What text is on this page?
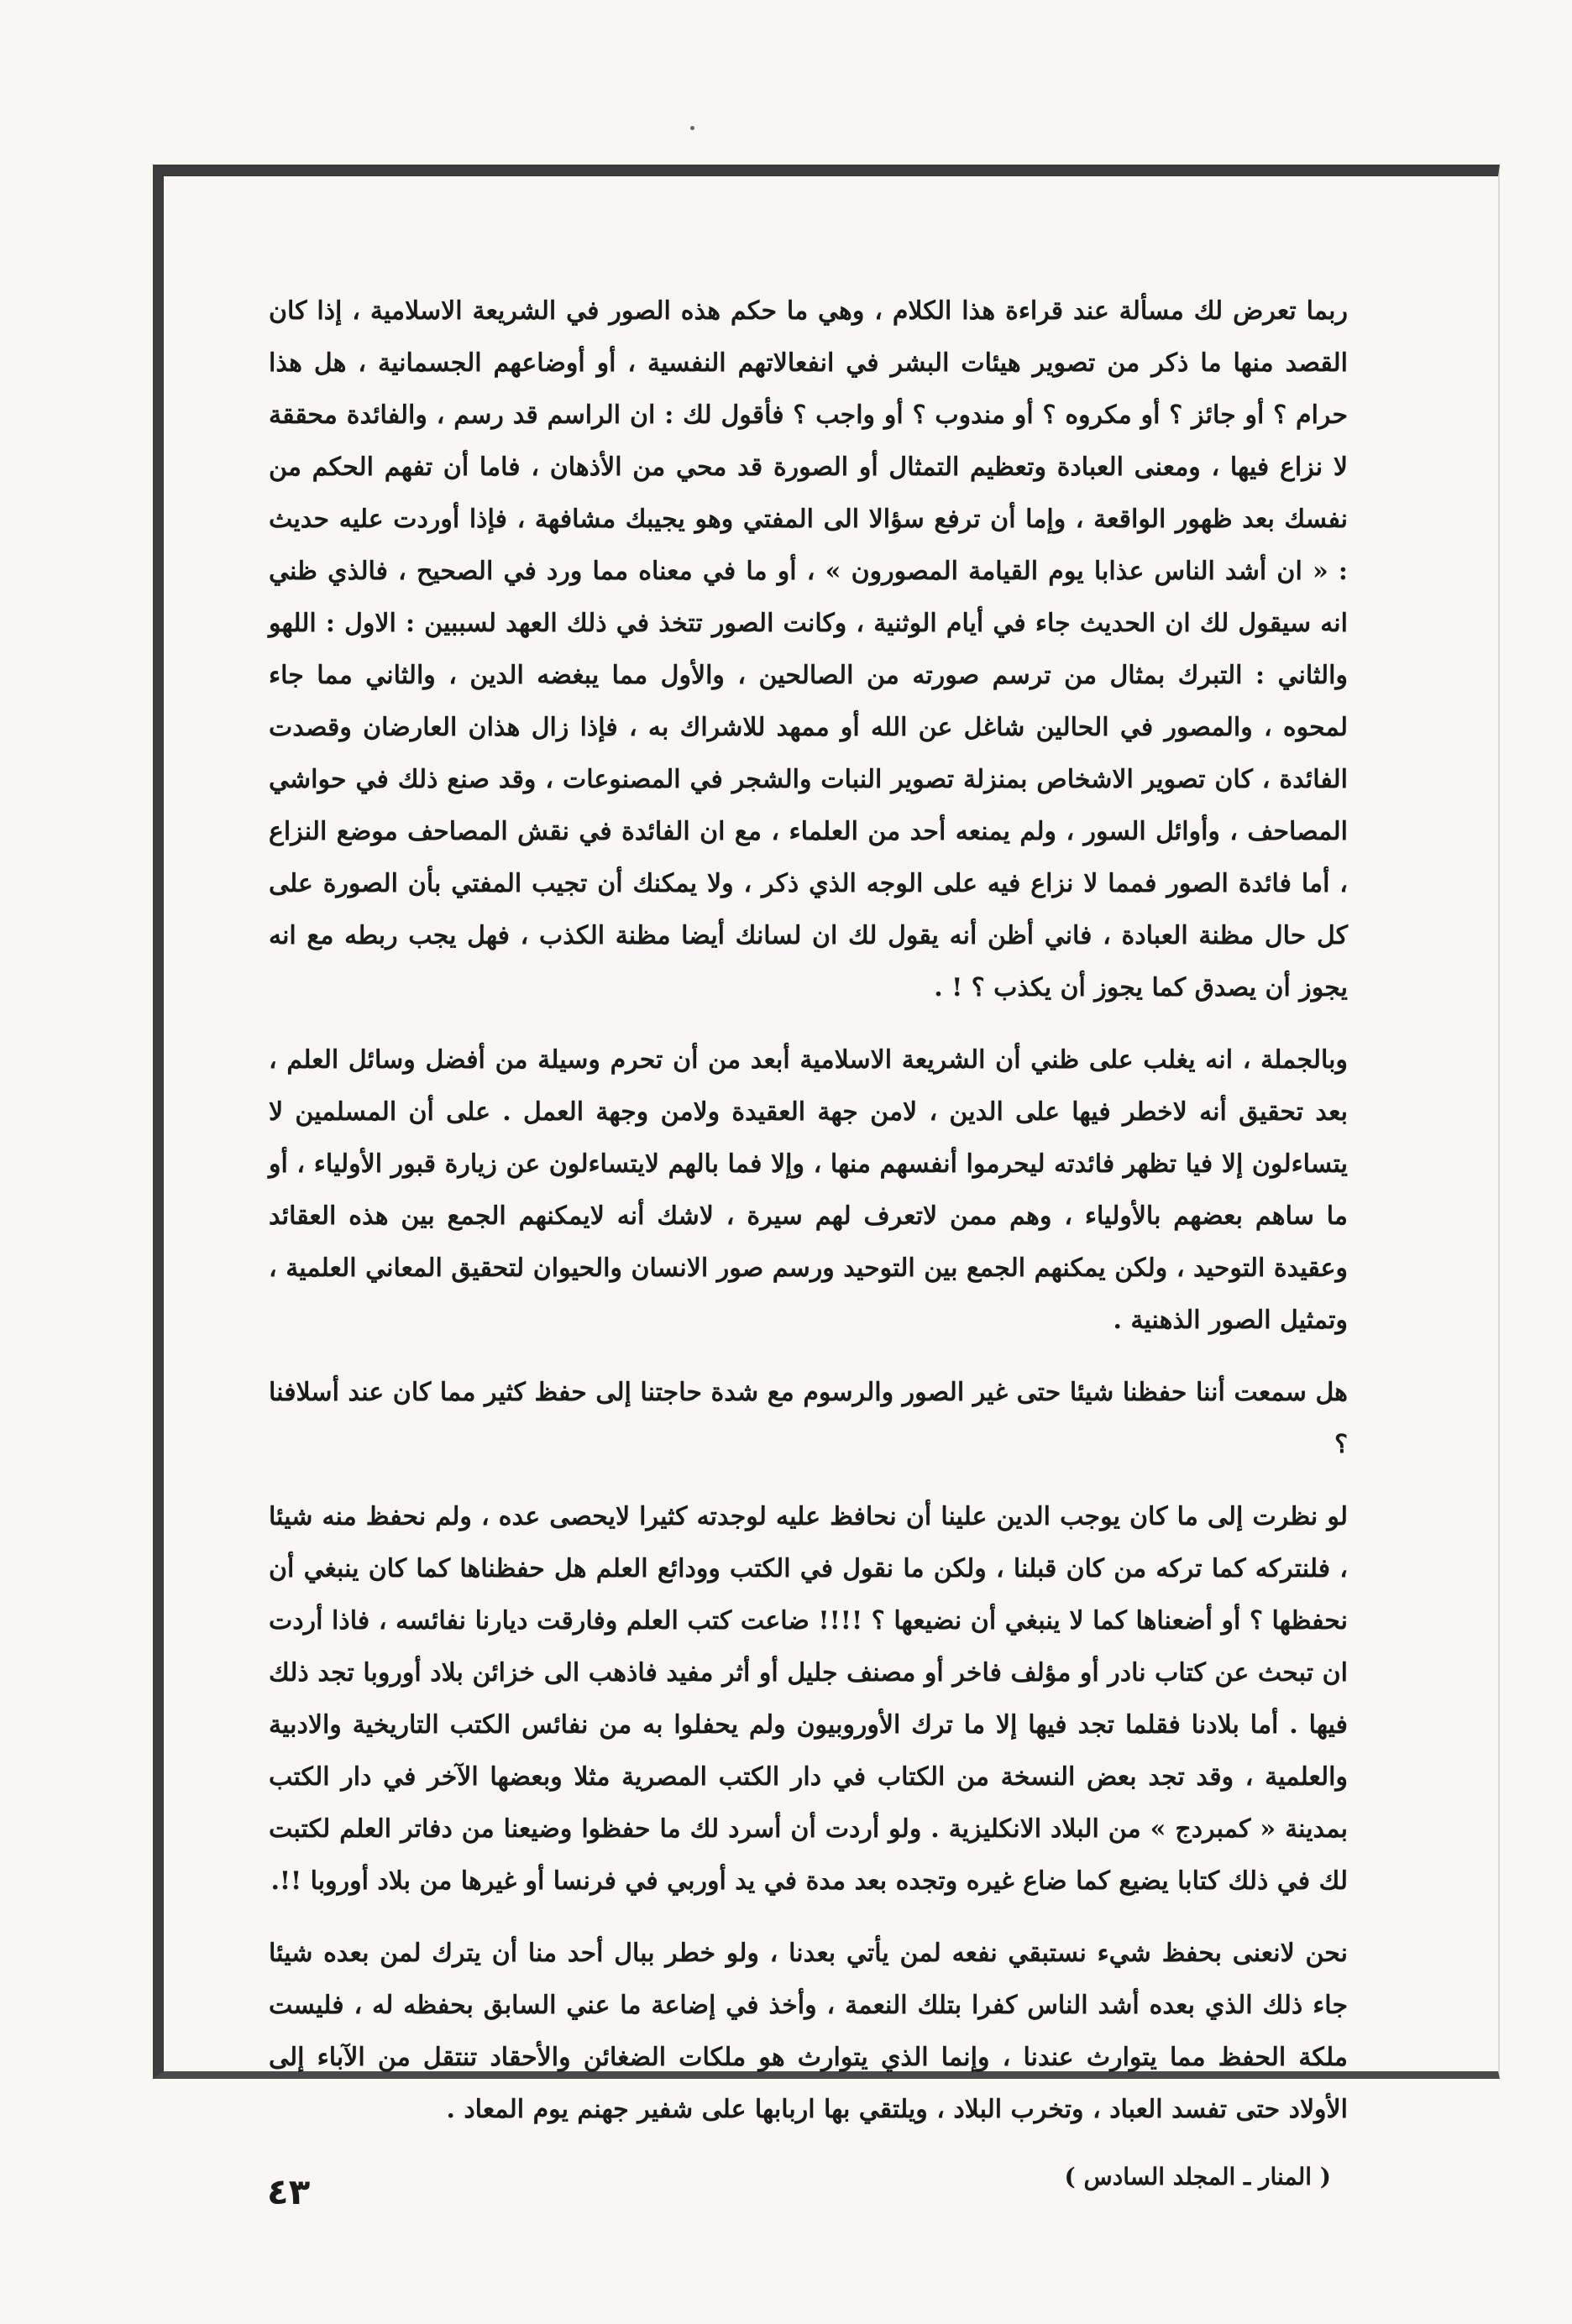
ربما تعرض لك مسألة عند قراءة هذا الكلام ، وهي ما حكم هذه الصور في الشريعة الاسلامية ، إذا كان القصد منها ما ذكر من تصوير هيئات البشر في انفعالاتهم النفسية ، أو أوضاعهم الجسمانية ، هل هذا حرام ؟ أو جائز ؟ أو مكروه ؟ أو مندوب ؟ أو واجب ؟ فأقول لك : ان الراسم قد رسم ، والفائدة محققة لا نزاع فيها ، ومعنى العبادة وتعظيم التمثال أو الصورة قد محي من الأذهان ، فاما أن تفهم الحكم من نفسك بعد ظهور الواقعة ، وإما أن ترفع سؤالا الى المفتي وهو يجيبك مشافهة ، فإذا أوردت عليه حديث : « ان أشد الناس عذابا يوم القيامة المصورون » ، أو ما في معناه مما ورد في الصحيح ، فالذي ظني انه سيقول لك ان الحديث جاء في أيام الوثنية ، وكانت الصور تتخذ في ذلك العهد لسببين : الاول : اللهو والثاني : التبرك بمثال من ترسم صورته من الصالحين ، والأول مما يبغضه الدين ، والثاني مما جاء لمحوه ، والمصور في الحالين شاغل عن الله أو ممهد للاشراك به ، فإذا زال هذان العارضان وقصدت الفائدة ، كان تصوير الاشخاص بمنزلة تصوير النبات والشجر في المصنوعات ، وقد صنع ذلك في حواشي المصاحف ، وأوائل السور ، ولم يمنعه أحد من العلماء ، مع ان الفائدة في نقش المصاحف موضع النزاع ، أما فائدة الصور فمما لا نزاع فيه على الوجه الذي ذكر ، ولا يمكنك أن تجيب المفتي بأن الصورة على كل حال مظنة العبادة ، فاني أظن أنه يقول لك ان لسانك أيضا مظنة الكذب ، فهل يجب ربطه مع انه يجوز أن يصدق كما يجوز أن يكذب ؟ ! .

وبالجملة ، انه يغلب على ظني أن الشريعة الاسلامية أبعد من أن تحرم وسيلة من أفضل وسائل العلم ، بعد تحقيق أنه لاخطر فيها على الدين ، لامن جهة العقيدة ولامن وجهة العمل . على أن المسلمين لا يتساءلون إلا فيا تظهر فائدته ليحرموا أنفسهم منها ، وإلا فما بالهم لايتساءلون عن زيارة قبور الأولياء ، أو ما ساهم بعضهم بالأولياء ، وهم ممن لاتعرف لهم سيرة ، لاشك أنه لايمكنهم الجمع بين هذه العقائد وعقيدة التوحيد ، ولكن يمكنهم الجمع بين التوحيد ورسم صور الانسان والحيوان لتحقيق المعاني العلمية ، وتمثيل الصور الذهنية .

هل سمعت أننا حفظنا شيئا حتى غير الصور والرسوم مع شدة حاجتنا إلى حفظ كثير مما كان عند أسلافنا ؟

لو نظرت إلى ما كان يوجب الدين علينا أن نحافظ عليه لوجدته كثيرا لايحصى عده ، ولم نحفظ منه شيئا ، فلنتركه كما تركه من كان قبلنا ، ولكن ما نقول في الكتب وودائع العلم هل حفظناها كما كان ينبغي أن نحفظها ؟ أو أضعناها كما لا ينبغي أن نضيعها ؟ !!!! ضاعت كتب العلم وفارقت ديارنا نفائسه ، فاذا أردت ان تبحث عن كتاب نادر أو مؤلف فاخر أو مصنف جليل أو أثر مفيد فاذهب الى خزائن بلاد أوروبا تجد ذلك فيها . أما بلادنا فقلما تجد فيها إلا ما ترك الأوروبيون ولم يحفلوا به من نفائس الكتب التاريخية والادبية والعلمية ، وقد تجد بعض النسخة من الكتاب في دار الكتب المصرية مثلا وبعضها الآخر في دار الكتب بمدينة « كمبردج » من البلاد الانكليزية . ولو أردت أن أسرد لك ما حفظوا وضيعنا من دفاتر العلم لكتبت لك في ذلك كتابا يضيع كما ضاع غيره وتجده بعد مدة في يد أوربي في فرنسا أو غيرها من بلاد أوروبا !!.

نحن لانعنى بحفظ شيء نستبقي نفعه لمن يأتي بعدنا ، ولو خطر ببال أحد منا أن يترك لمن بعده شيئا جاء ذلك الذي بعده أشد الناس كفرا بتلك النعمة ، وأخذ في إضاعة ما عني السابق بحفظه له ، فليست ملكة الحفظ مما يتوارث عندنا ، وإنما الذي يتوارث هو ملكات الضغائن والأحقاد تنتقل من الآباء إلى الأولاد حتى تفسد العباد ، وتخرب البلاد ، ويلتقي بها اربابها على شفير جهنم يوم المعاد .

( المنار ـ المجلد السادس )
٤٣
